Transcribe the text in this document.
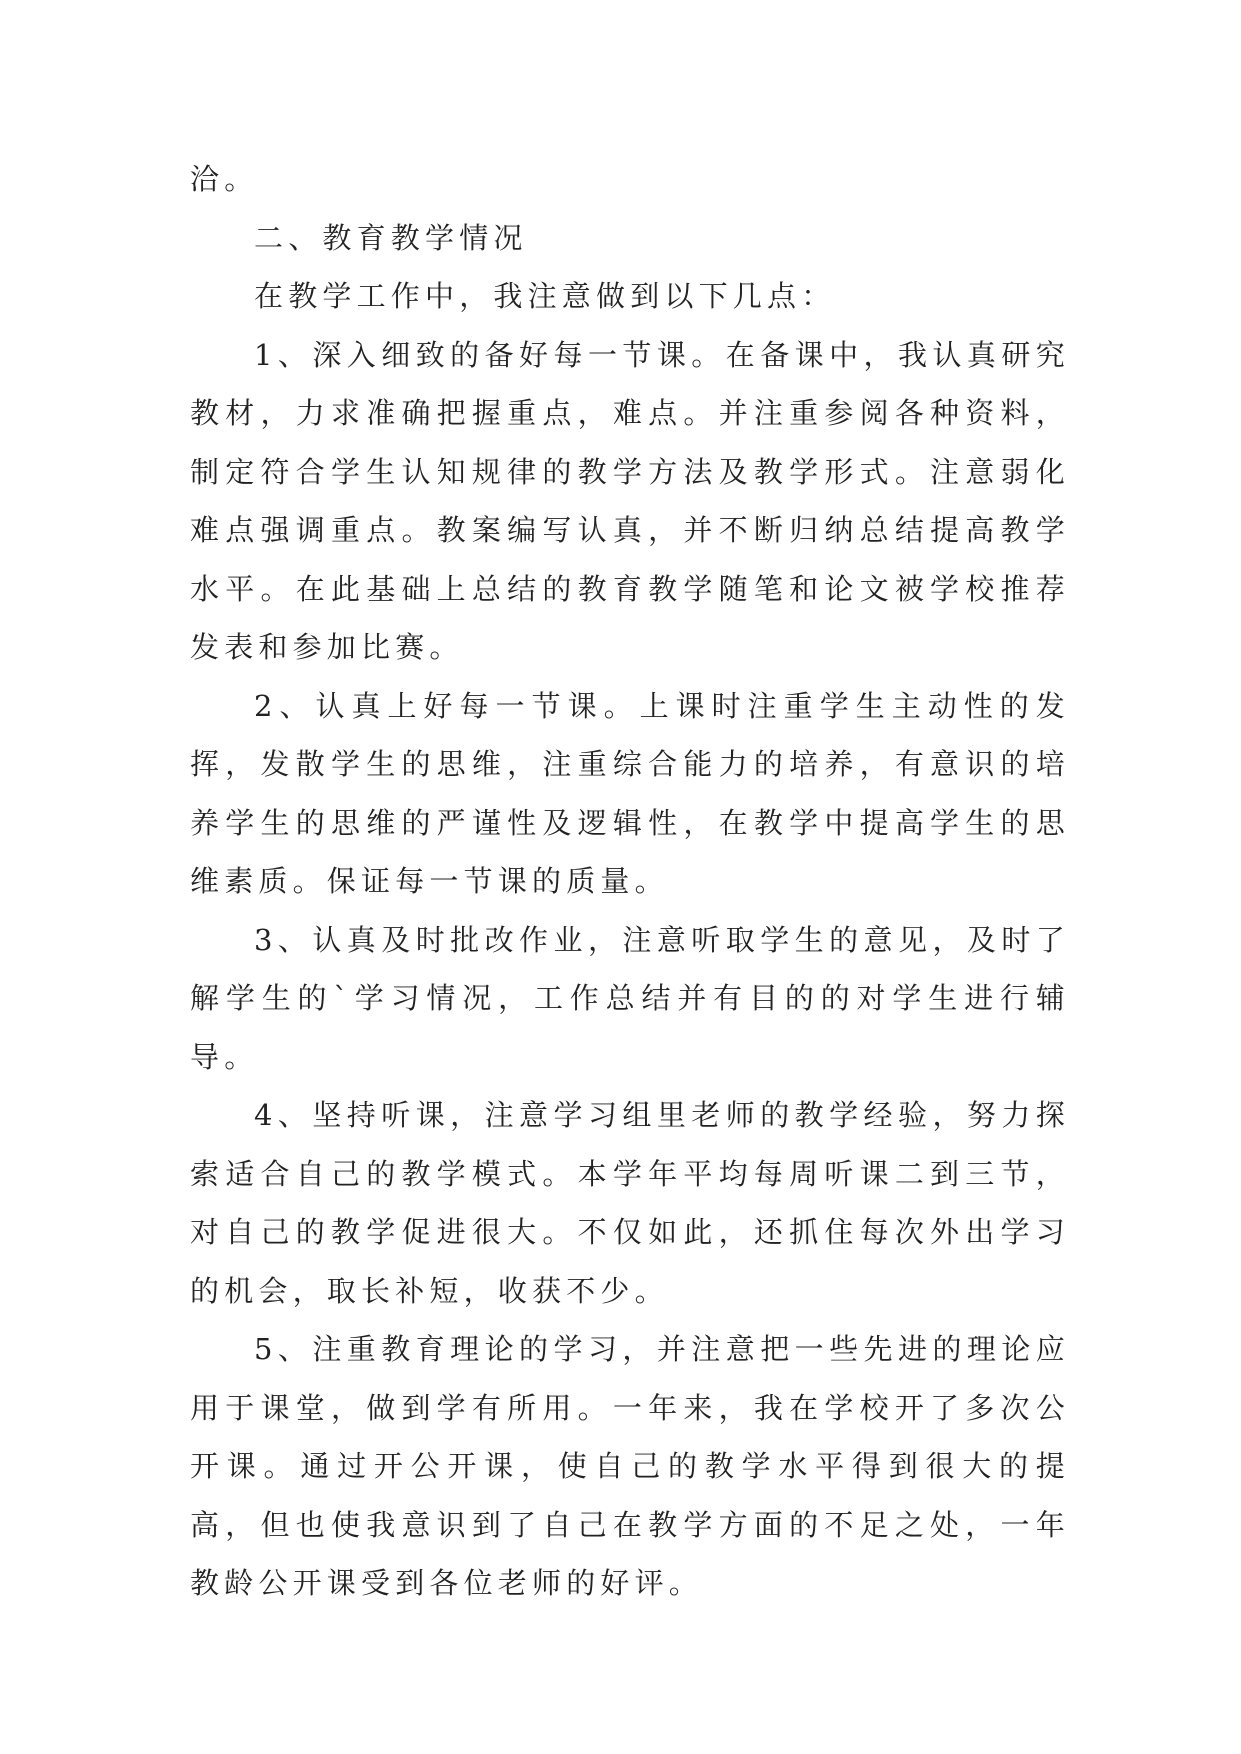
洽。

二、教育教学情况

在教学工作中，我注意做到以下几点：

1、深入细致的备好每一节课。在备课中，我认真研究教材，力求准确把握重点，难点。并注重参阅各种资料，制定符合学生认知规律的教学方法及教学形式。注意弱化难点强调重点。教案编写认真，并不断归纳总结提高教学水平。在此基础上总结的教育教学随笔和论文被学校推荐发表和参加比赛。

2、认真上好每一节课。上课时注重学生主动性的发挥，发散学生的思维，注重综合能力的培养，有意识的培养学生的思维的严谨性及逻辑性，在教学中提高学生的思维素质。保证每一节课的质量。

3、认真及时批改作业，注意听取学生的意见，及时了解学生的`学习情况，工作总结并有目的的对学生进行辅导。

4、坚持听课，注意学习组里老师的教学经验，努力探索适合自己的教学模式。本学年平均每周听课二到三节，对自己的教学促进很大。不仅如此，还抓住每次外出学习的机会，取长补短，收获不少。

5、注重教育理论的学习，并注意把一些先进的理论应用于课堂，做到学有所用。一年来，我在学校开了多次公开课。通过开公开课，使自己的教学水平得到很大的提高，但也使我意识到了自己在教学方面的不足之处，一年教龄公开课受到各位老师的好评。
